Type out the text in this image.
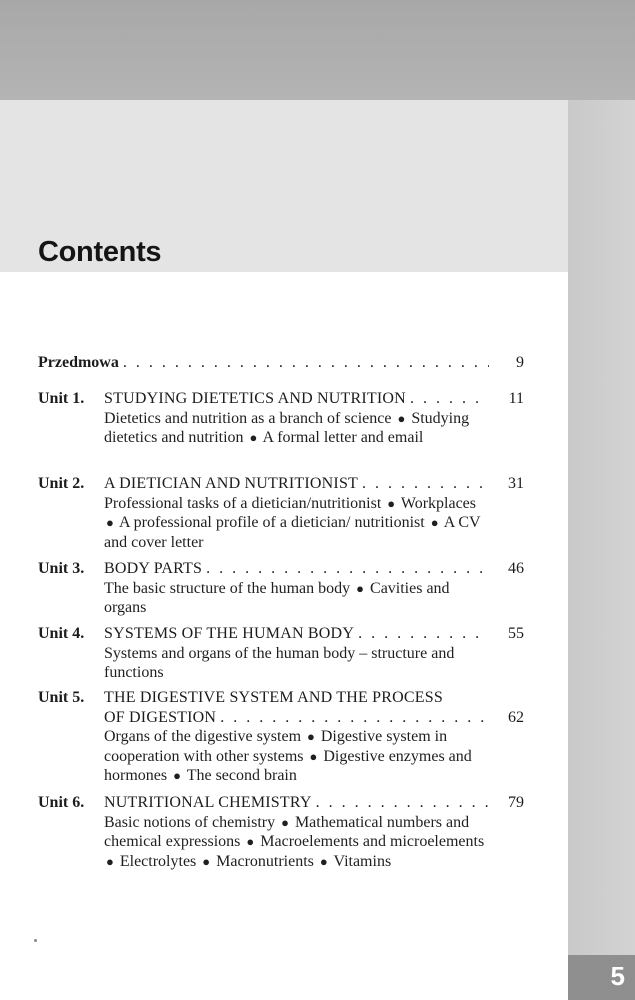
5
Contents
Przedmowa . . .	9
Unit 1. STUDYING DIETETICS AND NUTRITION . . .	11
Dietetics and nutrition as a branch of science ● Studying dietetics and nutrition ● A formal letter and email
Unit 2. A DIETICIAN AND NUTRITIONIST . . .	31
Professional tasks of a dietician/nutritionist ● Workplaces ● A professional profile of a dietician/ nutritionist ● A CV and cover letter
Unit 3. BODY PARTS . . .	46
The basic structure of the human body ● Cavities and organs
Unit 4. SYSTEMS OF THE HUMAN BODY . . .	55
Systems and organs of the human body – structure and functions
Unit 5. THE DIGESTIVE SYSTEM AND THE PROCESS
OF DIGESTION . . .	62
Organs of the digestive system ● Digestive system in cooperation with other systems ● Digestive enzymes and hormones ● The second brain
Unit 6. NUTRITIONAL CHEMISTRY . . .	79
Basic notions of chemistry ● Mathematical numbers and chemical expressions ● Macroelements and microelements ● Electrolytes ● Macronutrients ● Vitamins
